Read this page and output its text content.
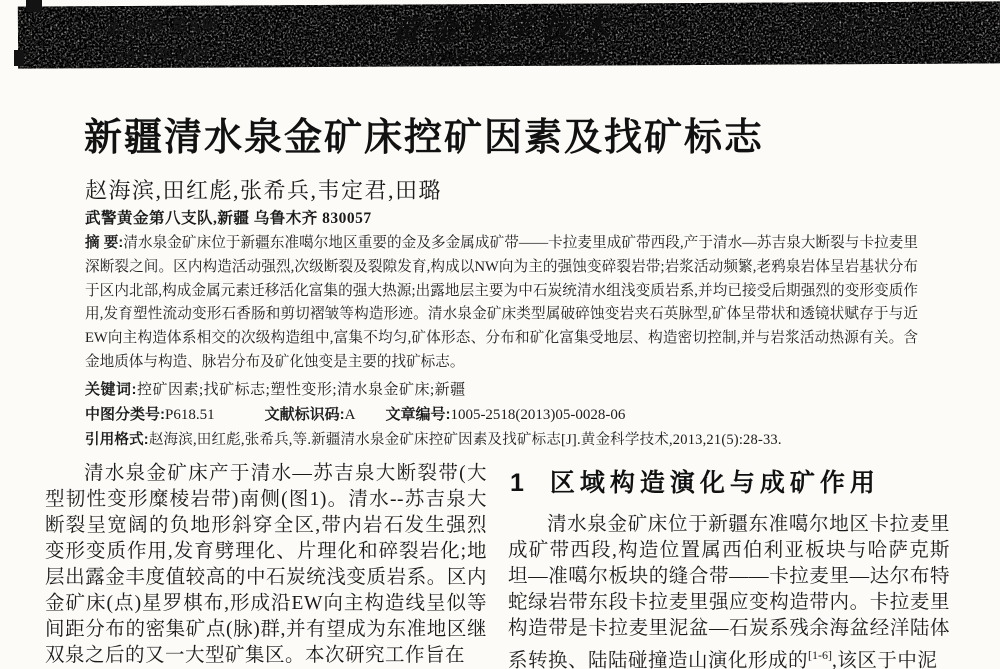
第21卷 第5期
2013年10月
黄金科学技术
Gold Science and Technology
Vol. 21 No. 5
Oct. 2013
新疆清水泉金矿床控矿因素及找矿标志
赵海滨,田红彪,张希兵,韦定君,田璐
武警黄金第八支队,新疆 乌鲁木齐 830057

摘 要:清水泉金矿床位于新疆东准噶尔地区重要的金及多金属成矿带——卡拉麦里成矿带西段,产于清水—苏吉泉大断裂与卡拉麦里深断裂之间。区内构造活动强烈,次级断裂及裂隙发育,构成以NW向为主的强蚀变碎裂岩带;岩浆活动频繁,老鸦泉岩体呈岩基状分布于区内北部,构成金属元素迁移活化富集的强大热源;出露地层主要为中石炭统清水组浅变质岩系,并均已接受后期强烈的变形变质作用,发育塑性流动变形石香肠和剪切褶皱等构造形迹。清水泉金矿床类型属破碎蚀变岩夹石英脉型,矿体呈带状和透镜状赋存于与近EW向主构造体系相交的次级构造组中,富集不均匀,矿体形态、分布和矿化富集受地层、构造密切控制,并与岩浆活动热源有关。含金地质体与构造、脉岩分布及矿化蚀变是主要的找矿标志。

关键词:控矿因素;找矿标志;塑性变形;清水泉金矿床;新疆

中图分类号:P618.51	文献标识码:A 文章编号:1005-2518(2013)05-0028-06

引用格式:赵海滨,田红彪,张希兵,等.新疆清水泉金矿床控矿因素及找矿标志[J].黄金科学技术,2013,21(5):28-33.

清水泉金矿床产于清水—苏吉泉大断裂带(大型韧性变形糜棱岩带)南侧(图1)。清水--苏吉泉大断裂呈宽阔的负地形斜穿全区,带内岩石发生强烈变形变质作用,发育劈理化、片理化和碎裂岩化;地层出露金丰度值较高的中石炭统浅变质岩系。区内金矿床(点)星罗棋布,形成沿EW向主构造线呈似等间距分布的密集矿点(脉)群,并有望成为东准地区继双泉之后的又一大型矿集区。本次研究工作旨在

1 区域构造演化与成矿作用

清水泉金矿床位于新疆东准噶尔地区卡拉麦里成矿带西段,构造位置属西伯利亚板块与哈萨克斯坦—准噶尔板块的缝合带——卡拉麦里—达尔布特蛇绿岩带东段卡拉麦里强应变构造带内。卡拉麦里构造带是卡拉麦里泥盆—石炭系残余海盆经洋陆体系转换、陆陆碰撞造山演化形成的[1-6],该区于中泥
